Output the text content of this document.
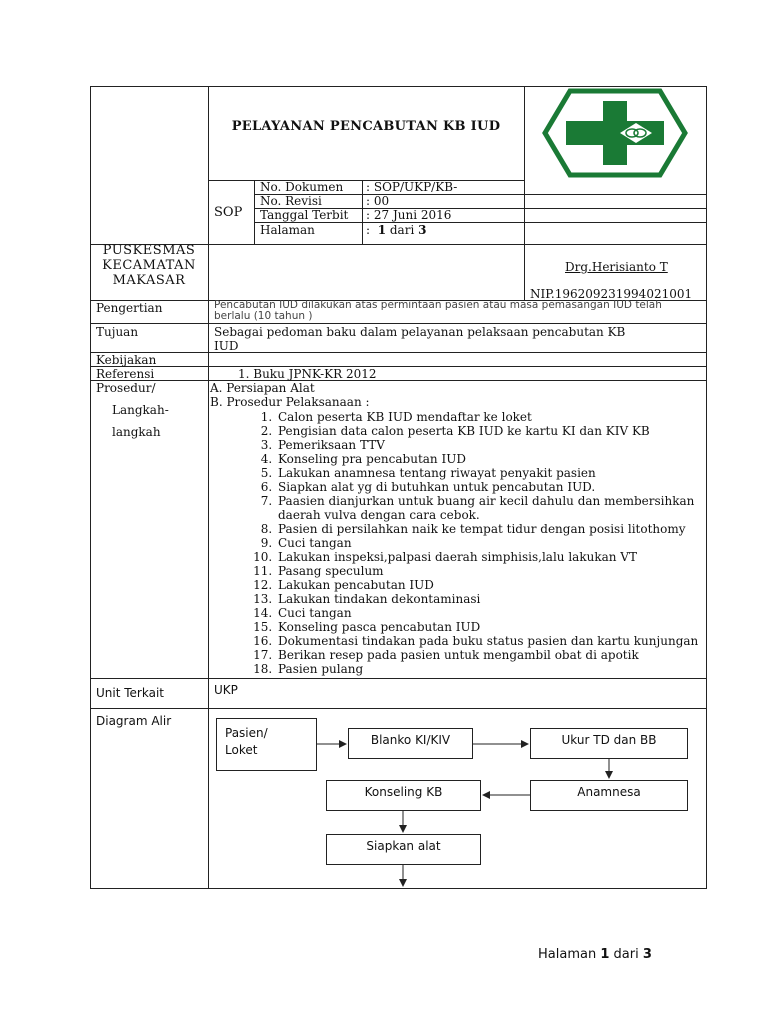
PELAYANAN PENCABUTAN KB IUD
SOP
No. Dokumen : SOP/UKP/KB-
No. Revisi	: 00
Tanggal Terbit : 27 Juni 2016
Halaman	: 1 dari 3
PUSKESMAS
KECAMATAN
MAKASAR
Drg.Herisianto T
NIP.196209231994021001
Pengertian	Pencabutan IUD dilakukan atas permintaan pasien atau masa pemasangan IUD telah
berlalu (10 tahun )
Tujuan	Sebagai pedoman baku dalam pelayanan pelaksaan pencabutan KB
IUD
Kebijakan
Referensi	1. Buku JPNK-KR 2012
Prosedur/
Langkah-
langkah
A. Persiapan Alat
B. Prosedur Pelaksanaan :
1. Calon peserta KB IUD mendaftar ke loket
2. Pengisian data calon peserta KB IUD ke kartu KI dan KIV KB
3. Pemeriksaan TTV
4. Konseling pra pencabutan IUD
5. Lakukan anamnesa tentang riwayat penyakit pasien
6. Siapkan alat yg di butuhkan untuk pencabutan IUD.
7. Paasien dianjurkan untuk buang air kecil dahulu dan membersihkan daerah vulva dengan cara cebok.
8. Pasien di persilahkan naik ke tempat tidur dengan posisi litothomy
9. Cuci tangan
10. Lakukan inspeksi,palpasi daerah simphisis,lalu lakukan VT
11. Pasang speculum
12. Lakukan pencabutan IUD
13. Lakukan tindakan dekontaminasi
14. Cuci tangan
15. Konseling pasca pencabutan IUD
16. Dokumentasi tindakan pada buku status pasien dan kartu kunjungan
17. Berikan resep pada pasien untuk mengambil obat di apotik
18. Pasien pulang
Unit Terkait	UKP
Diagram Alir
Pasien/
Loket
Blanko KI/KIV	Ukur TD dan BB
Anamnesa
Konseling KB
Siapkan alat
Halaman 1 dari 3
